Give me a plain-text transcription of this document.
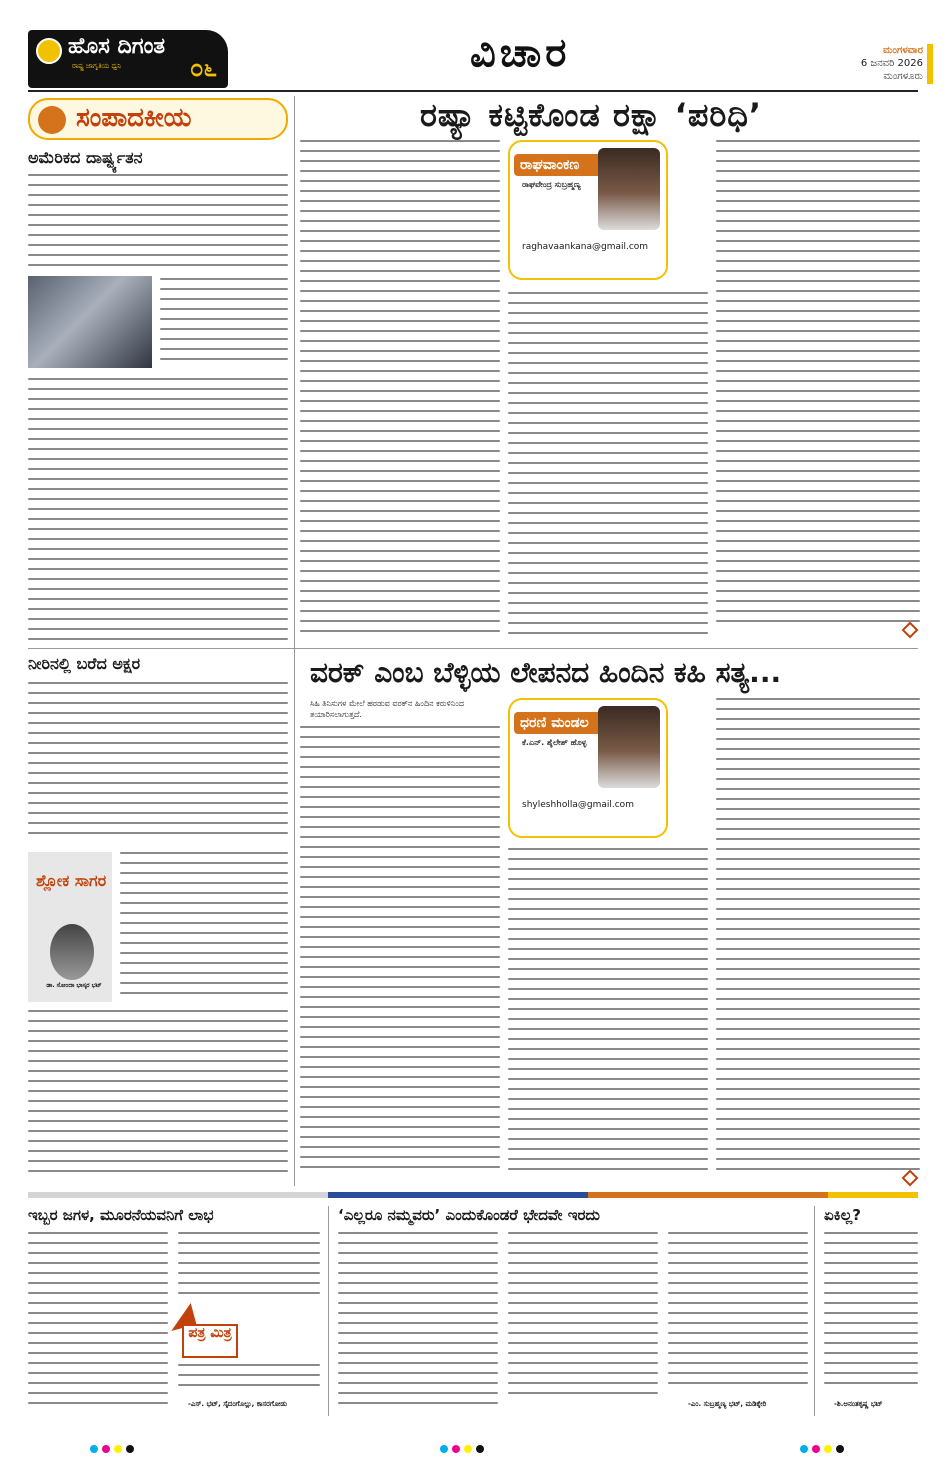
ಹೊಸ ದಿಗಂತ
ರಾಷ್ಟ್ರ ಜಾಗೃತಿಯ ಧ್ವನಿ	೦೬	ವಿಚಾರ	ಮಂಗಳವಾರ
6 ಜನವರಿ 2026
ಮಂಗಳೂರು
ಸಂಪಾದಕೀಯ
ಅಮೆರಿಕದ ದಾರ್ಷ್ಟ್ಯತನ
ರಷ್ಯಾ ಕಟ್ಟಿಕೊಂಡ ರಕ್ಷಾ ‘ಪರಿಧಿ’
ರಾಘವಾಂಕಣ
ರಾಘವೇಂದ್ರ ಸುಬ್ರಹ್ಮಣ್ಯ
raghavaankana@gmail.com
ನೀರಿನಲ್ಲಿ ಬರೆದ ಅಕ್ಷರ
ಶ್ಲೋಕ ಸಾಗರ
ಡಾ. ಸೋಂದಾ ಭಾಸ್ಕರ ಭಟ್
ವರಕ್ ಎಂಬ ಬೆಳ್ಳಿಯ ಲೇಪನದ ಹಿಂದಿನ ಕಹಿ ಸತ್ಯ...
ಸಿಹಿ ತಿನಿಸುಗಳ ಮೇಲೆ ಹರಡುವ ವರಕ್‌ನ ಹಿಂದಿನ ಕರುಳಿನಿಂದ ತಯಾರಿಸಲಾಗುತ್ತದೆ.
ಧರಣಿ ಮಂಡಲ
ಕೆ.ಎನ್. ಶೈಲೇಶ್ ಹೊಳ್ಳ
shyleshholla@gmail.com
ಇಬ್ಬರ ಜಗಳ, ಮೂರನೆಯವನಿಗೆ ಲಾಭ
ಪತ್ರ ಮಿತ್ರ
-ಎಸ್. ಭಟ್, ಸೈದಂಗೊಲ್ಲು, ಕಾಸರಗೋಡು
‘ಎಲ್ಲರೂ ನಮ್ಮವರು’ ಎಂದುಕೊಂಡರೆ ಭೇದವೇ ಇರದು
-ಎಂ. ಸುಬ್ರಹ್ಮಣ್ಯ ಭಟ್, ಮಡಿಕ್ಕೇರಿ
ಏಕಿಲ್ಲ?
-ಶಿ.ಅನಂತಕೃಷ್ಣ ಭಟ್
